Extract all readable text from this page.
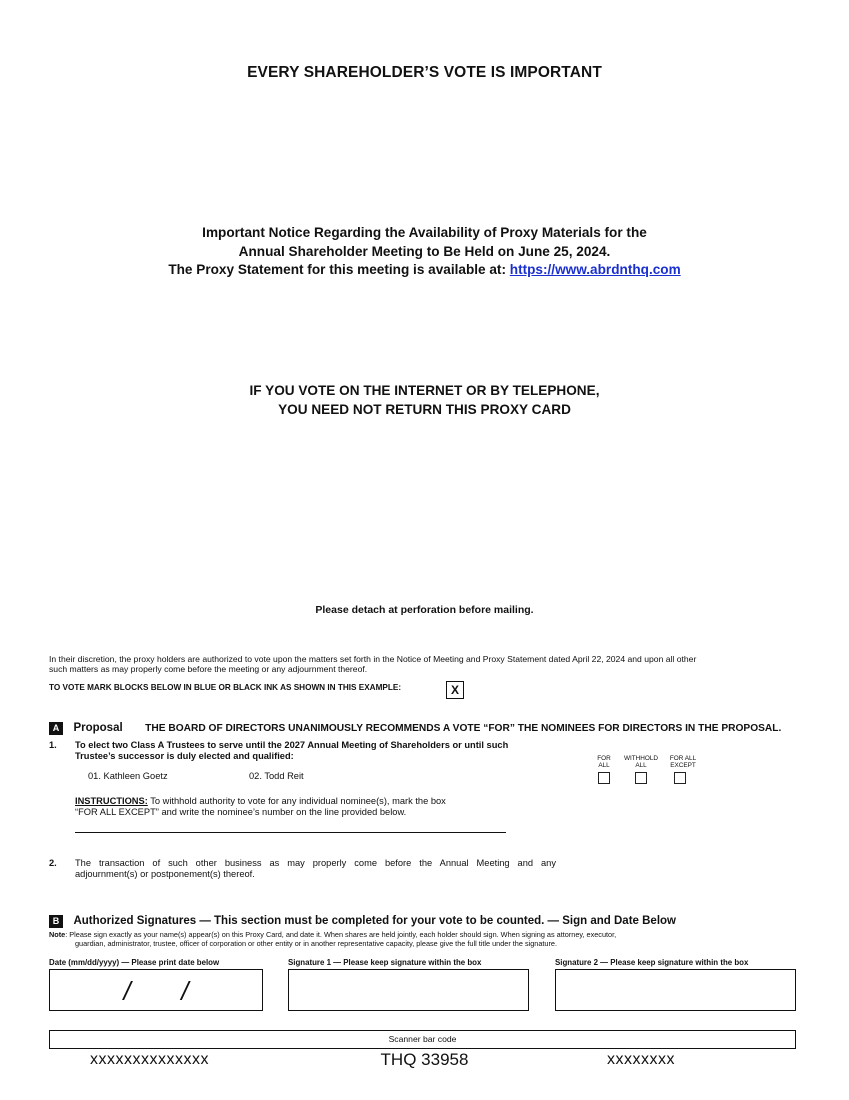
EVERY SHAREHOLDER’S VOTE IS IMPORTANT
Important Notice Regarding the Availability of Proxy Materials for the
Annual Shareholder Meeting to Be Held on June 25, 2024.
The Proxy Statement for this meeting is available at: https://www.abrdnthq.com
IF YOU VOTE ON THE INTERNET OR BY TELEPHONE,
YOU NEED NOT RETURN THIS PROXY CARD
Please detach at perforation before mailing.
In their discretion, the proxy holders are authorized to vote upon the matters set forth in the Notice of Meeting and Proxy Statement dated April 22, 2024 and upon all other
such matters as may properly come before the meeting or any adjournment thereof.
TO VOTE MARK BLOCKS BELOW IN BLUE OR BLACK INK AS SHOWN IN THIS EXAMPLE:	X
A Proposal THE BOARD OF DIRECTORS UNANIMOUSLY RECOMMENDS A VOTE “FOR” THE NOMINEES FOR DIRECTORS IN THE PROPOSAL.
1. To elect two Class A Trustees to serve until the 2027 Annual Meeting of Shareholders or until such
Trustee’s successor is duly elected and qualified:
01. Kathleen Goetz	02. Todd Reit
FOR
ALL
WITHHOLD
ALL
FOR ALL
EXCEPT
INSTRUCTIONS: To withhold authority to vote for any individual nominee(s), mark the box
“FOR ALL EXCEPT” and write the nominee’s number on the line provided below.
2. The transaction of such other business as may properly come before the Annual Meeting and any
adjournment(s) or postponement(s) thereof.
B Authorized Signatures — This section must be completed for your vote to be counted. — Sign and Date Below
Note: Please sign exactly as your name(s) appear(s) on this Proxy Card, and date it. When shares are held jointly, each holder should sign. When signing as attorney, executor,
guardian, administrator, trustee, officer of corporation or other entity or in another representative capacity, please give the full title under the signature.
Date (mm/dd/yyyy) — Please print date below	Signature 1 — Please keep signature within the box	Signature 2 — Please keep signature within the box
/       /
Scanner bar code
xxxxxxxxxxxxxx	THQ 33958	xxxxxxxx
